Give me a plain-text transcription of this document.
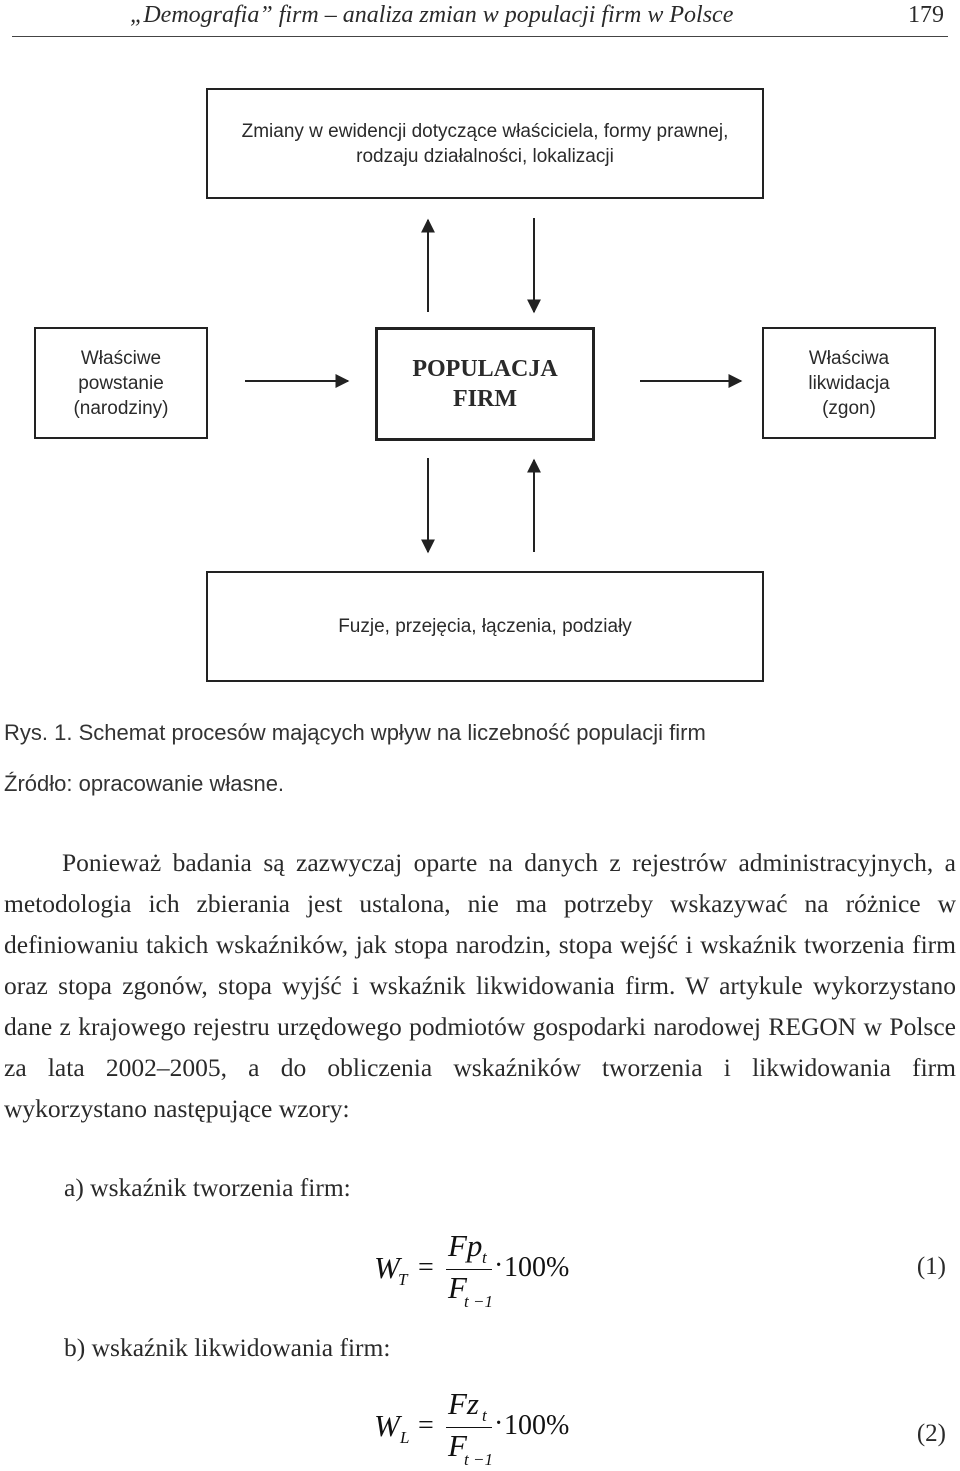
„Demografia” firm – analiza zmian w populacji firm w Polsce	179
Zmiany w ewidencji dotyczące właściciela, formy prawnej,
rodzaju działalności, lokalizacji
Właściwe
powstanie
(narodziny)
POPULACJA
FIRM
Właściwa
likwidacja
(zgon)
Fuzje, przejęcia, łączenia, podziały
Rys. 1. Schemat procesów mających wpływ na liczebność populacji firm
Źródło: opracowanie własne.

Ponieważ badania są zazwyczaj oparte na danych z rejestrów administracyjnych, a metodologia ich zbierania jest ustalona, nie ma potrzeby wskazywać na różnice w definiowaniu takich wskaźników, jak stopa narodzin, stopa wejść i wskaźnik tworzenia firm oraz stopa zgonów, stopa wyjść i wskaźnik likwidowania firm. W artykule wykorzystano dane z krajowego rejestru urzędowego podmiotów gospodarki narodowej REGON w Polsce za lata 2002–2005, a do obliczenia wskaźników tworzenia i likwidowania firm wykorzystano następujące wzory:

a) wskaźnik tworzenia firm:
W
T =
Fp t
F
t −1
· 100%	(1)
b) wskaźnik likwidowania firm:
W L =
Fz t
F
t −1
· 100%	(2)
